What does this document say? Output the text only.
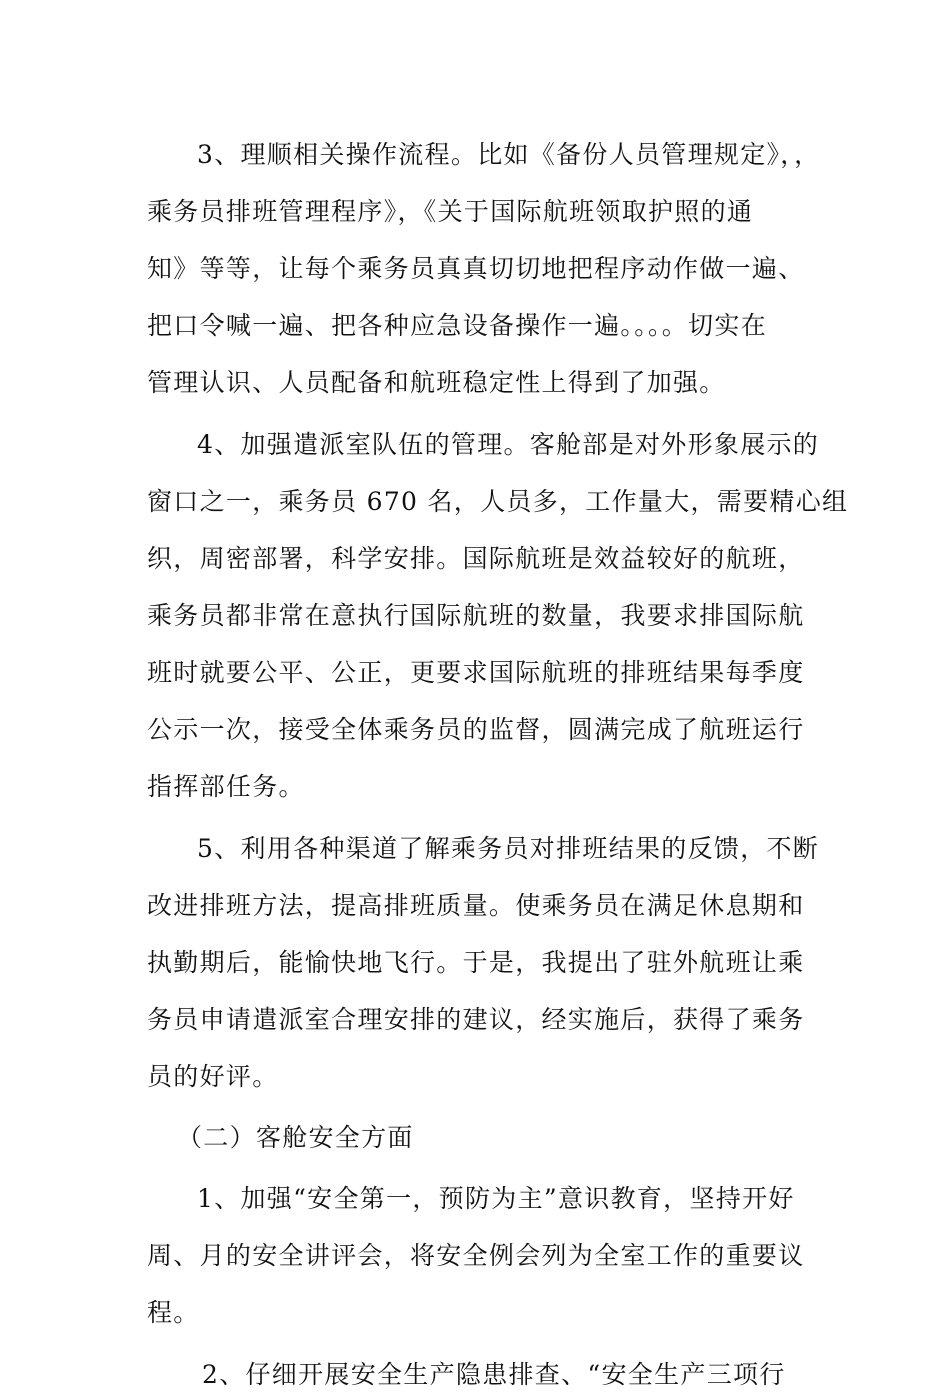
3、理顺相关操作流程。比如《备份人员管理规定》，，
乘务员排班管理程序》，《关于国际航班领取护照的通
知》等等，让每个乘务员真真切切地把程序动作做一遍、
把口令喊一遍、把各种应急设备操作一遍。。。。切实在
管理认识、人员配备和航班稳定性上得到了加强。
4、加强遣派室队伍的管理。客舱部是对外形象展示的
窗口之一，乘务员 670 名，人员多，工作量大，需要精心组
织，周密部署，科学安排。国际航班是效益较好的航班，
乘务员都非常在意执行国际航班的数量，我要求排国际航
班时就要公平、公正，更要求国际航班的排班结果每季度
公示一次，接受全体乘务员的监督，圆满完成了航班运行
指挥部任务。
5、利用各种渠道了解乘务员对排班结果的反馈，不断
改进排班方法，提高排班质量。使乘务员在满足休息期和
执勤期后，能愉快地飞行。于是，我提出了驻外航班让乘
务员申请遣派室合理安排的建议，经实施后，获得了乘务
员的好评。
（二）客舱安全方面
1、加强“安全第一，预防为主”意识教育，坚持开好
周、月的安全讲评会，将安全例会列为全室工作的重要议
程。
2、仔细开展安全生产隐患排查、“安全生产三项行
